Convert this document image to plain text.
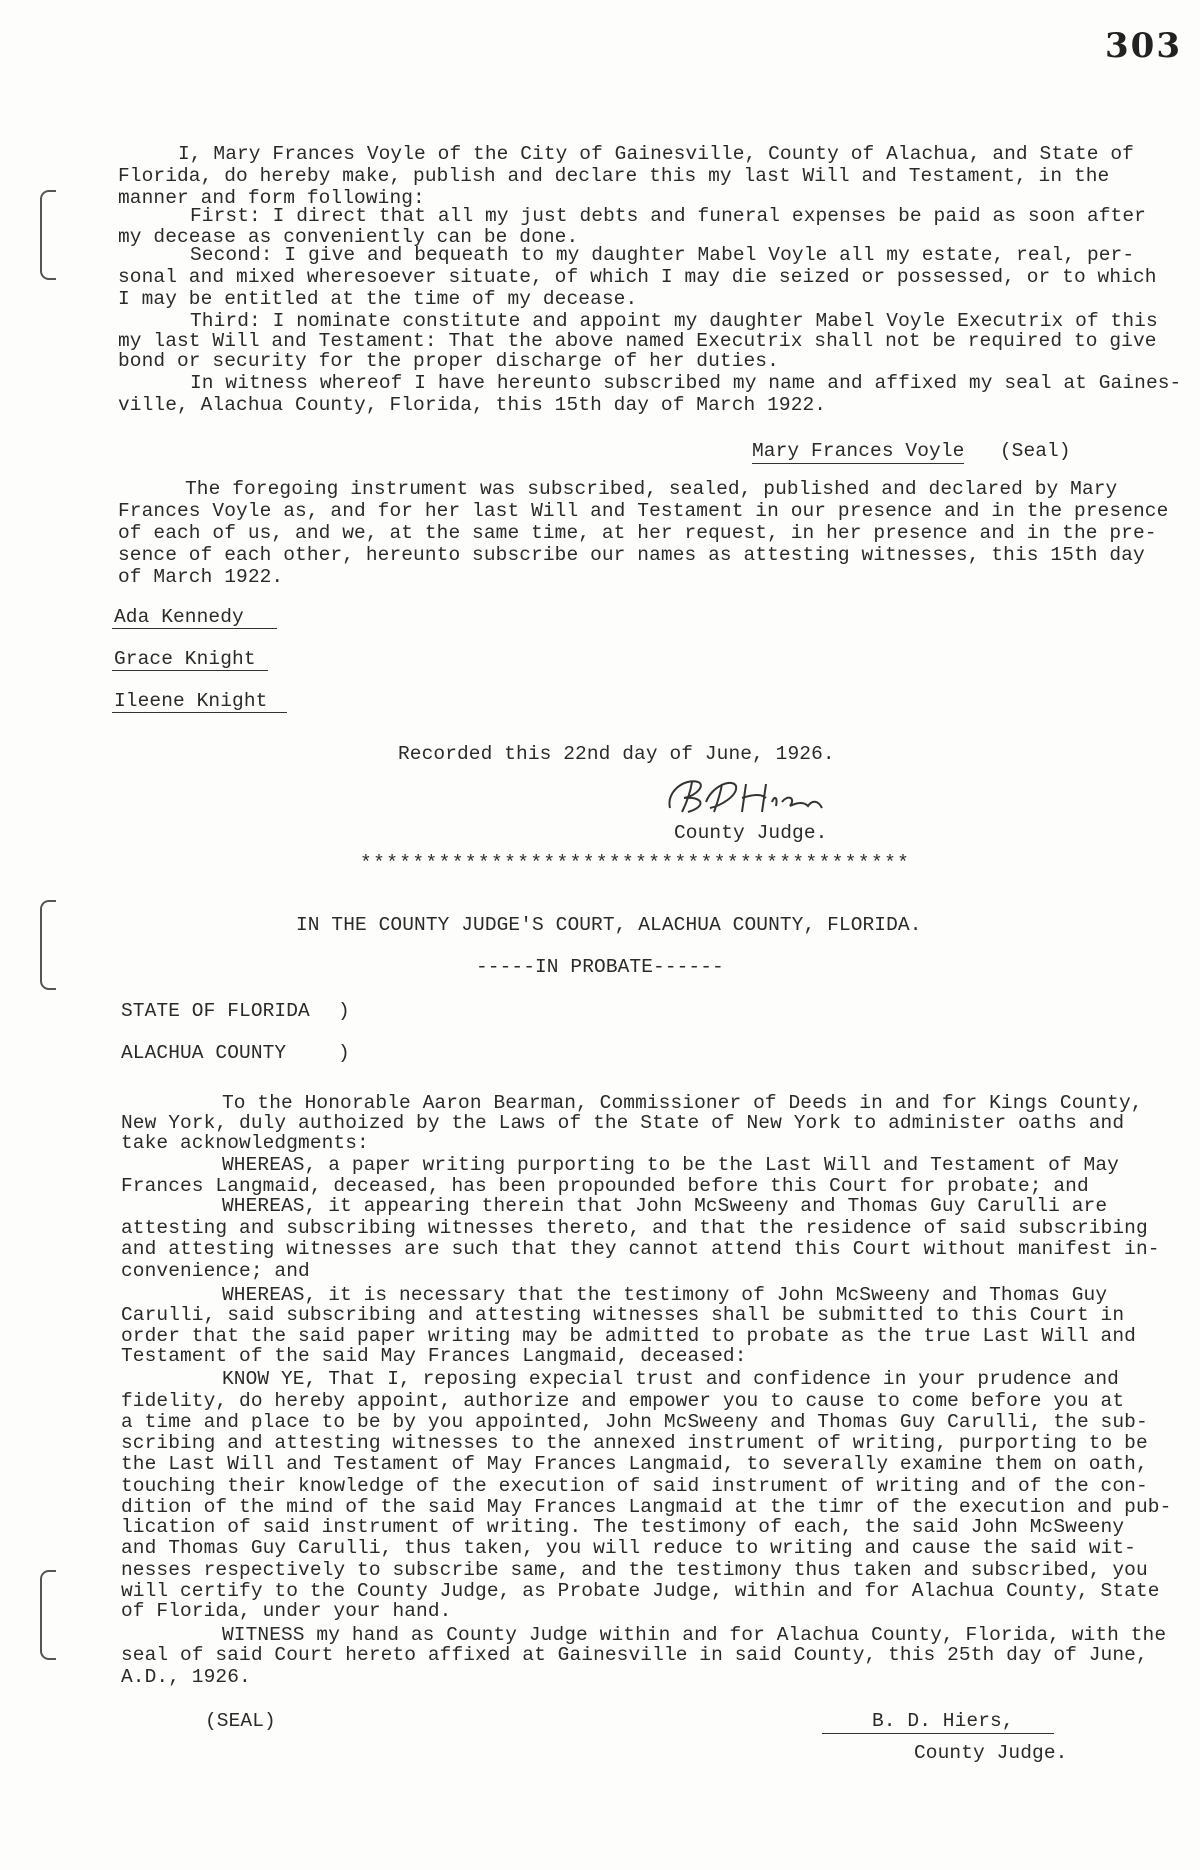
303
I, Mary Frances Voyle of the City of Gainesville, County of Alachua, and State of
Florida, do hereby make, publish and declare this my last Will and Testament, in the
manner and form following:
First: I direct that all my just debts and funeral expenses be paid as soon after
my decease as conveniently can be done.
Second: I give and bequeath to my daughter Mabel Voyle all my estate, real, per-
sonal and mixed wheresoever situate, of which I may die seized or possessed, or to which
I may be entitled at the time of my decease.
Third: I nominate constitute and appoint my daughter Mabel Voyle Executrix of this
my last Will and Testament: That the above named Executrix shall not be required to give
bond or security for the proper discharge of her duties.
In witness whereof I have hereunto subscribed my name and affixed my seal at Gaines-
ville, Alachua County, Florida, this 15th day of March 1922.
Mary Frances Voyle (Seal)
The foregoing instrument was subscribed, sealed, published and declared by Mary
Frances Voyle as, and for her last Will and Testament in our presence and in the presence
of each of us, and we, at the same time, at her request, in her presence and in the pre-
sence of each other, hereunto subscribe our names as attesting witnesses, this 15th day
of March 1922.
Ada Kennedy
Grace Knight
Ileene Knight
Recorded this 22nd day of June, 1926.
County Judge.
******************************************
IN THE COUNTY JUDGE'S COURT, ALACHUA COUNTY, FLORIDA.
-----IN PROBATE------
STATE OF FLORIDA )
ALACHUA COUNTY	)
To the Honorable Aaron Bearman, Commissioner of Deeds in and for Kings County,
New York, duly authoized by the Laws of the State of New York to administer oaths and
take acknowledgments:
WHEREAS, a paper writing purporting to be the Last Will and Testament of May
Frances Langmaid, deceased, has been propounded before this Court for probate; and
WHEREAS, it appearing therein that John McSweeny and Thomas Guy Carulli are
attesting and subscribing witnesses thereto, and that the residence of said subscribing
and attesting witnesses are such that they cannot attend this Court without manifest in-
convenience; and
WHEREAS, it is necessary that the testimony of John McSweeny and Thomas Guy
Carulli, said subscribing and attesting witnesses shall be submitted to this Court in
order that the said paper writing may be admitted to probate as the true Last Will and
Testament of the said May Frances Langmaid, deceased:
KNOW YE, That I, reposing expecial trust and confidence in your prudence and
fidelity, do hereby appoint, authorize and empower you to cause to come before you at
a time and place to be by you appointed, John McSweeny and Thomas Guy Carulli, the sub-
scribing and attesting witnesses to the annexed instrument of writing, purporting to be
the Last Will and Testament of May Frances Langmaid, to severally examine them on oath,
touching their knowledge of the execution of said instrument of writing and of the con-
dition of the mind of the said May Frances Langmaid at the timr of the execution and pub-
lication of said instrument of writing. The testimony of each, the said John McSweeny
and Thomas Guy Carulli, thus taken, you will reduce to writing and cause the said wit-
nesses respectively to subscribe same, and the testimony thus taken and subscribed, you
will certify to the County Judge, as Probate Judge, within and for Alachua County, State
of Florida, under your hand.
WITNESS my hand as County Judge within and for Alachua County, Florida, with the
seal of said Court hereto affixed at Gainesville in said County, this 25th day of June,
A.D., 1926.
(SEAL)	B. D. Hiers,
County Judge.
